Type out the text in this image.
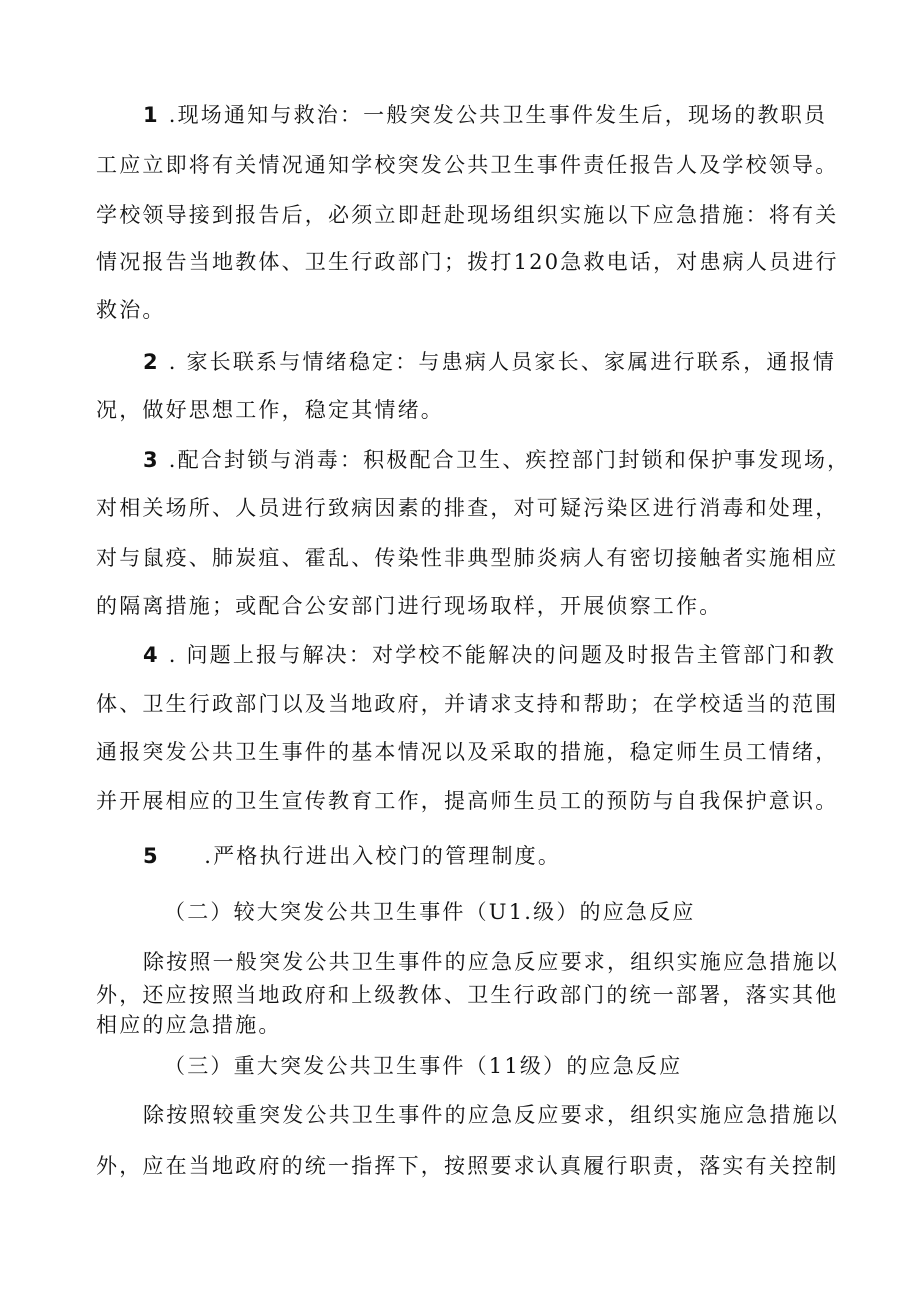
1 .现场通知与救治：一般突发公共卫生事件发生后，现场的教职员
工应立即将有关情况通知学校突发公共卫生事件责任报告人及学校领导。
学校领导接到报告后，必须立即赶赴现场组织实施以下应急措施：将有关
情况报告当地教体、卫生行政部门；拨打120急救电话，对患病人员进行
救治。
2 . 家长联系与情绪稳定：与患病人员家长、家属进行联系，通报情
况，做好思想工作，稳定其情绪。
3 .配合封锁与消毒：积极配合卫生、疾控部门封锁和保护事发现场，
对相关场所、人员进行致病因素的排查，对可疑污染区进行消毒和处理，
对与鼠疫、肺炭疽、霍乱、传染性非典型肺炎病人有密切接触者实施相应
的隔离措施；或配合公安部门进行现场取样，开展侦察工作。
4 . 问题上报与解决：对学校不能解决的问题及时报告主管部门和教
体、卫生行政部门以及当地政府，并请求支持和帮助；在学校适当的范围
通报突发公共卫生事件的基本情况以及采取的措施，稳定师生员工情绪，
并开展相应的卫生宣传教育工作，提高师生员工的预防与自我保护意识。
5     .严格执行进出入校门的管理制度。
（二）较大突发公共卫生事件（U1.级）的应急反应
除按照一般突发公共卫生事件的应急反应要求，组织实施应急措施以
外，还应按照当地政府和上级教体、卫生行政部门的统一部署，落实其他
相应的应急措施。
（三）重大突发公共卫生事件（11级）的应急反应
除按照较重突发公共卫生事件的应急反应要求，组织实施应急措施以
外，应在当地政府的统一指挥下，按照要求认真履行职责，落实有关控制
